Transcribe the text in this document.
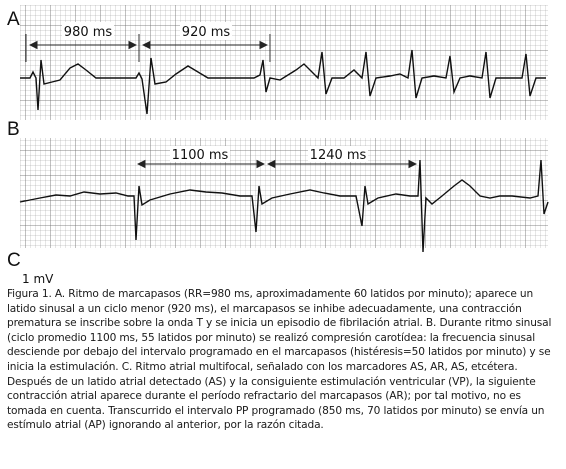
980 ms	920 ms
1100 ms	1240 ms
1 mV
A
B
C
Figura 1. A. Ritmo de marcapasos (RR=980 ms, aproximadamente 60 latidos por minuto); aparece un latido sinusal a un ciclo menor (920 ms), el marcapasos se inhibe adecuadamente, una contracción prematura se inscribe sobre la onda T y se inicia un episodio de fibrilación atrial. B. Durante ritmo sinusal (ciclo promedio 1100 ms, 55 latidos por minuto) se realizó compresión carotídea: la frecuencia sinusal desciende por debajo del intervalo programado en el marcapasos (histéresis=50 latidos por minuto) y se inicia la estimulación. C. Ritmo atrial multifocal, señalado con los marcadores AS, AR, AS, etcétera. Después de un latido atrial detectado (AS) y la consiguiente estimulación ventricular (VP), la siguiente contracción atrial aparece durante el período refractario del marcapasos (AR); por tal motivo, no es tomada en cuenta. Transcurrido el intervalo PP programado (850 ms, 70 latidos por minuto) se envía un estímulo atrial (AP) ignorando al anterior, por la razón citada.
